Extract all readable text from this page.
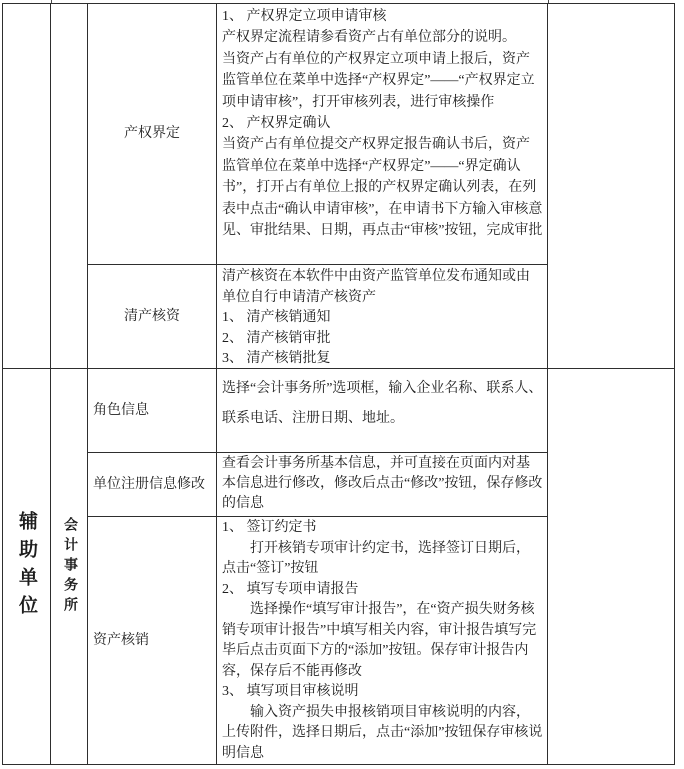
产权界定
1、 产权界定立项申请审核
产权界定流程请参看资产占有单位部分的说明。
当资产占有单位的产权界定立项申请上报后，资产监管单位在菜单中选择“产权界定”——“产权界定立项申请审核”，打开审核列表，进行审核操作
2、 产权界定确认
当资产占有单位提交产权界定报告确认书后，资产监管单位在菜单中选择“产权界定”——“界定确认书”，打开占有单位上报的产权界定确认列表，在列表中点击“确认申请审核”，在申请书下方输入审核意见、审批结果、日期，再点击“审核”按钮，完成审批
清产核资
清产核资在本软件中由资产监管单位发布通知或由单位自行申请清产核资产
1、 清产核销通知
2、 清产核销审批
3、 清产核销批复
辅助单位 会计事务所
角色信息
选择“会计事务所”选项框，输入企业名称、联系人、联系电话、注册日期、地址。
单位注册信息修改
查看会计事务所基本信息，并可直接在页面内对基本信息进行修改，修改后点击“修改”按钮，保存修改的信息
资产核销
1、 签订约定书
　　打开核销专项审计约定书，选择签订日期后，点击“签订”按钮
2、 填写专项申请报告
　　选择操作“填写审计报告”，在“资产损失财务核销专项审计报告”中填写相关内容，审计报告填写完毕后点击页面下方的“添加”按钮。保存审计报告内容，保存后不能再修改
3、 填写项目审核说明
　　输入资产损失申报核销项目审核说明的内容，上传附件，选择日期后，点击“添加”按钮保存审核说明信息
